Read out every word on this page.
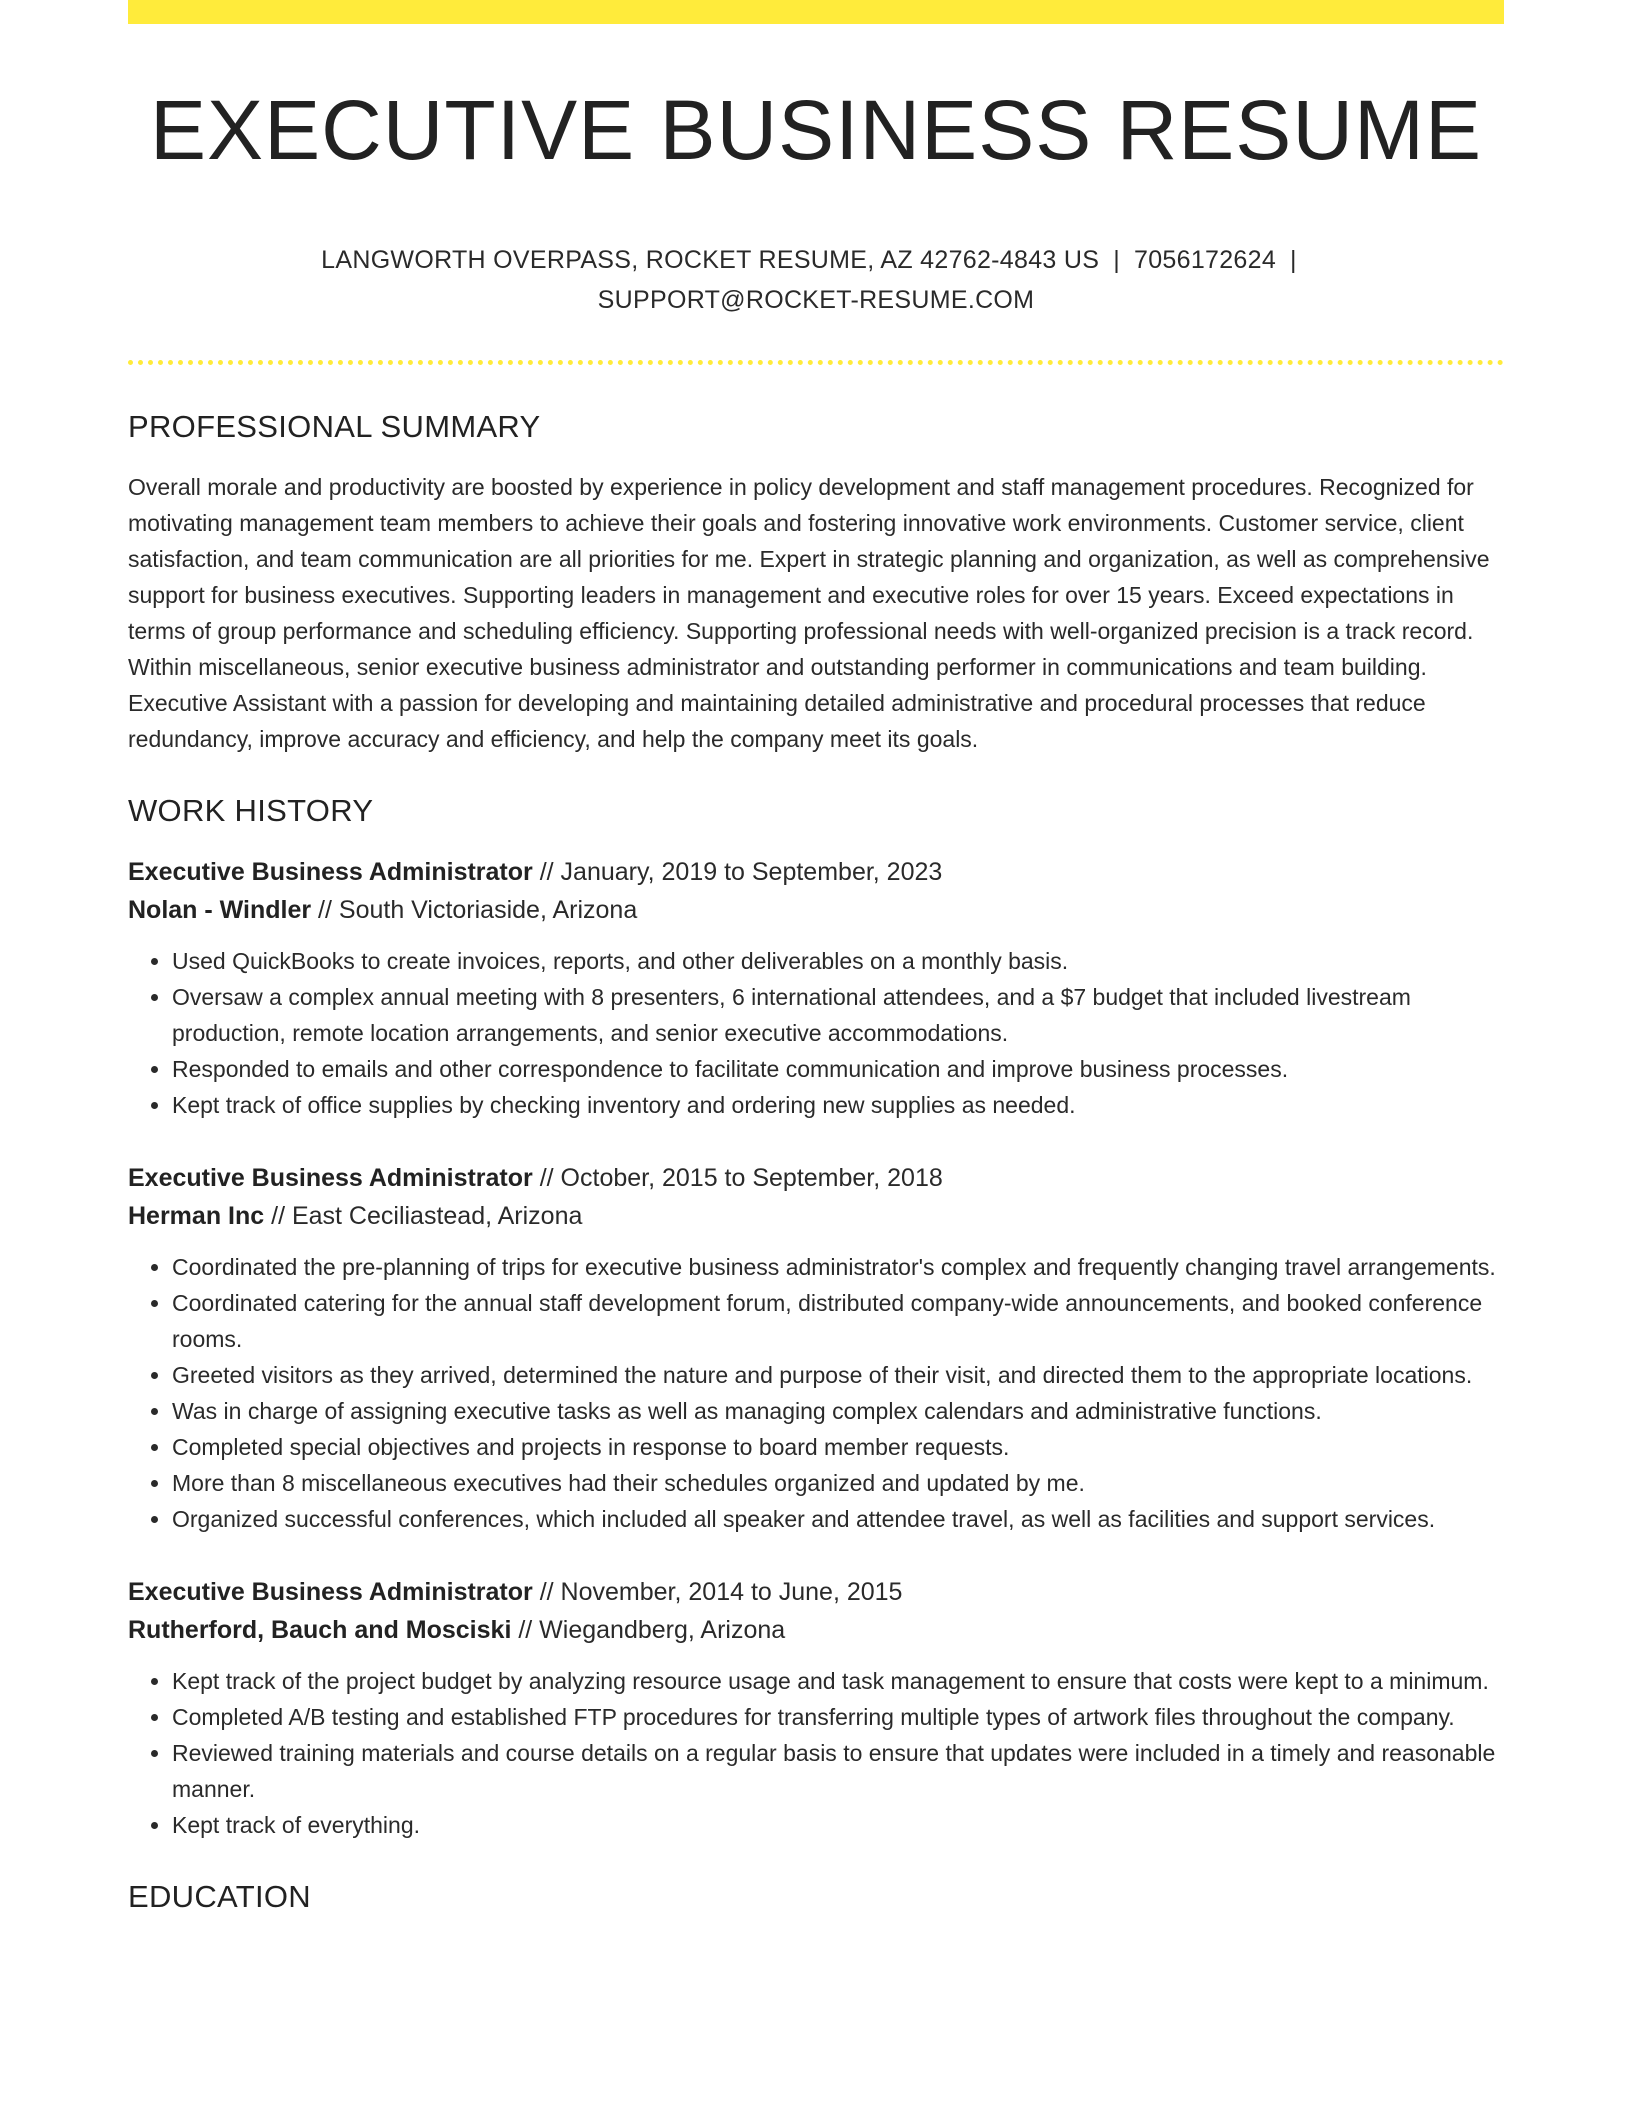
EXECUTIVE BUSINESS RESUME
LANGWORTH OVERPASS, ROCKET RESUME, AZ 42762-4843 US | 7056172624 |
SUPPORT@ROCKET-RESUME.COM
PROFESSIONAL SUMMARY
Overall morale and productivity are boosted by experience in policy development and staff management procedures. Recognized for motivating management team members to achieve their goals and fostering innovative work environments. Customer service, client satisfaction, and team communication are all priorities for me. Expert in strategic planning and organization, as well as comprehensive support for business executives. Supporting leaders in management and executive roles for over 15 years. Exceed expectations in terms of group performance and scheduling efficiency. Supporting professional needs with well-organized precision is a track record. Within miscellaneous, senior executive business administrator and outstanding performer in communications and team building. Executive Assistant with a passion for developing and maintaining detailed administrative and procedural processes that reduce redundancy, improve accuracy and efficiency, and help the company meet its goals.
WORK HISTORY
Executive Business Administrator // January, 2019 to September, 2023
Nolan - Windler // South Victoriaside, Arizona
• Used QuickBooks to create invoices, reports, and other deliverables on a monthly basis.
• Oversaw a complex annual meeting with 8 presenters, 6 international attendees, and a $7 budget that included livestream production, remote location arrangements, and senior executive accommodations.
• Responded to emails and other correspondence to facilitate communication and improve business processes.
• Kept track of office supplies by checking inventory and ordering new supplies as needed.
Executive Business Administrator // October, 2015 to September, 2018
Herman Inc // East Ceciliastead, Arizona
• Coordinated the pre-planning of trips for executive business administrator's complex and frequently changing travel arrangements.
• Coordinated catering for the annual staff development forum, distributed company-wide announcements, and booked conference rooms.
• Greeted visitors as they arrived, determined the nature and purpose of their visit, and directed them to the appropriate locations.
• Was in charge of assigning executive tasks as well as managing complex calendars and administrative functions.
• Completed special objectives and projects in response to board member requests.
• More than 8 miscellaneous executives had their schedules organized and updated by me.
• Organized successful conferences, which included all speaker and attendee travel, as well as facilities and support services.
Executive Business Administrator // November, 2014 to June, 2015
Rutherford, Bauch and Mosciski // Wiegandberg, Arizona
• Kept track of the project budget by analyzing resource usage and task management to ensure that costs were kept to a minimum.
• Completed A/B testing and established FTP procedures for transferring multiple types of artwork files throughout the company.
• Reviewed training materials and course details on a regular basis to ensure that updates were included in a timely and reasonable manner.
• Kept track of everything.
EDUCATION
